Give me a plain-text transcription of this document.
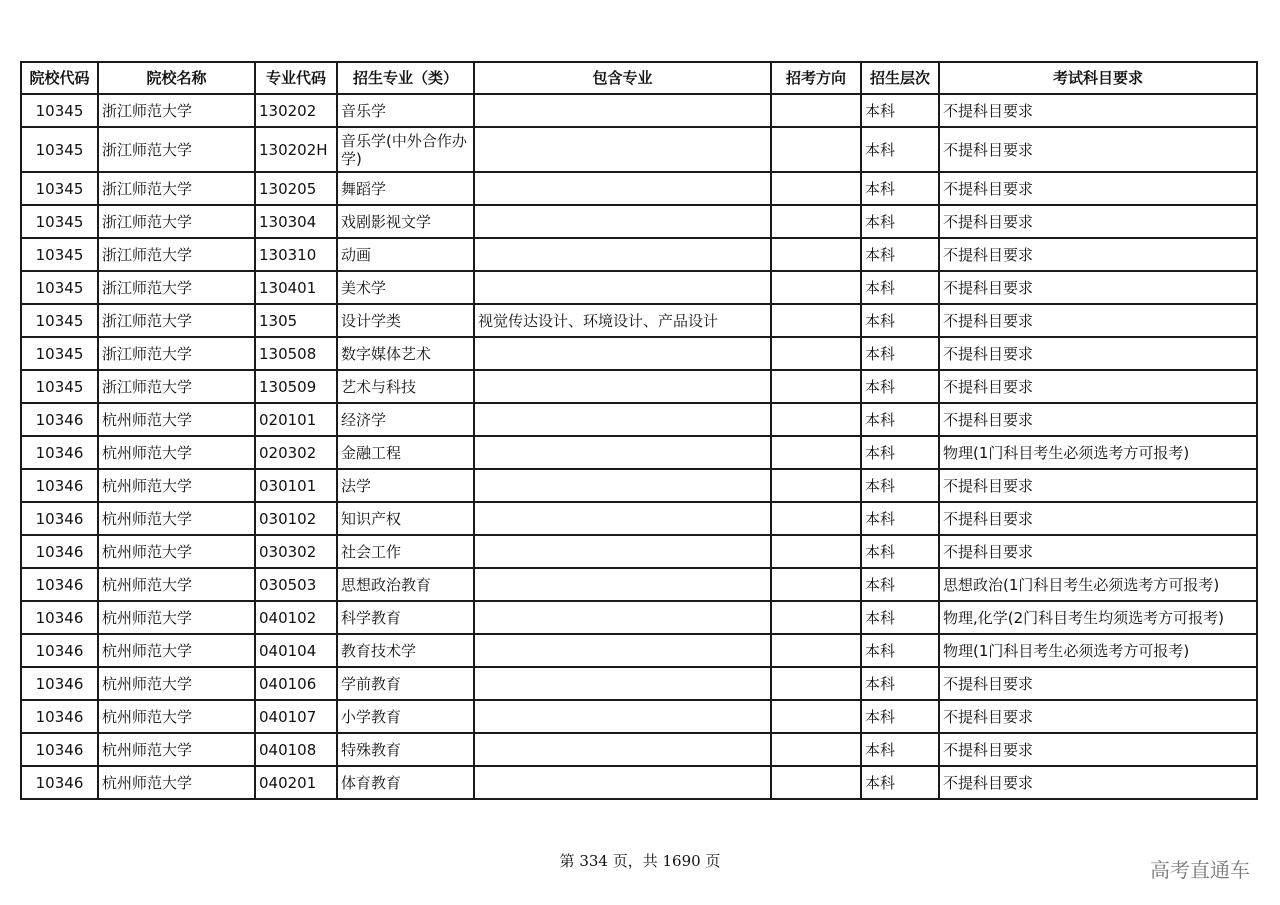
院校代码	院校名称	专业代码	招生专业（类）	包含专业	招考方向	招生层次	考试科目要求
10345	浙江师范大学	130202	音乐学			本科	不提科目要求
10345	浙江师范大学	130202H	音乐学(中外合作办学)			本科	不提科目要求
10345	浙江师范大学	130205	舞蹈学			本科	不提科目要求
10345	浙江师范大学	130304	戏剧影视文学			本科	不提科目要求
10345	浙江师范大学	130310	动画			本科	不提科目要求
10345	浙江师范大学	130401	美术学			本科	不提科目要求
10345	浙江师范大学	1305	设计学类	视觉传达设计、环境设计、产品设计		本科	不提科目要求
10345	浙江师范大学	130508	数字媒体艺术			本科	不提科目要求
10345	浙江师范大学	130509	艺术与科技			本科	不提科目要求
10346	杭州师范大学	020101	经济学			本科	不提科目要求
10346	杭州师范大学	020302	金融工程			本科	物理(1门科目考生必须选考方可报考)
10346	杭州师范大学	030101	法学			本科	不提科目要求
10346	杭州师范大学	030102	知识产权			本科	不提科目要求
10346	杭州师范大学	030302	社会工作			本科	不提科目要求
10346	杭州师范大学	030503	思想政治教育			本科	思想政治(1门科目考生必须选考方可报考)
10346	杭州师范大学	040102	科学教育			本科	物理,化学(2门科目考生均须选考方可报考)
10346	杭州师范大学	040104	教育技术学			本科	物理(1门科目考生必须选考方可报考)
10346	杭州师范大学	040106	学前教育			本科	不提科目要求
10346	杭州师范大学	040107	小学教育			本科	不提科目要求
10346	杭州师范大学	040108	特殊教育			本科	不提科目要求
10346	杭州师范大学	040201	体育教育			本科	不提科目要求
第 334 页，共 1690 页	高考直通车
